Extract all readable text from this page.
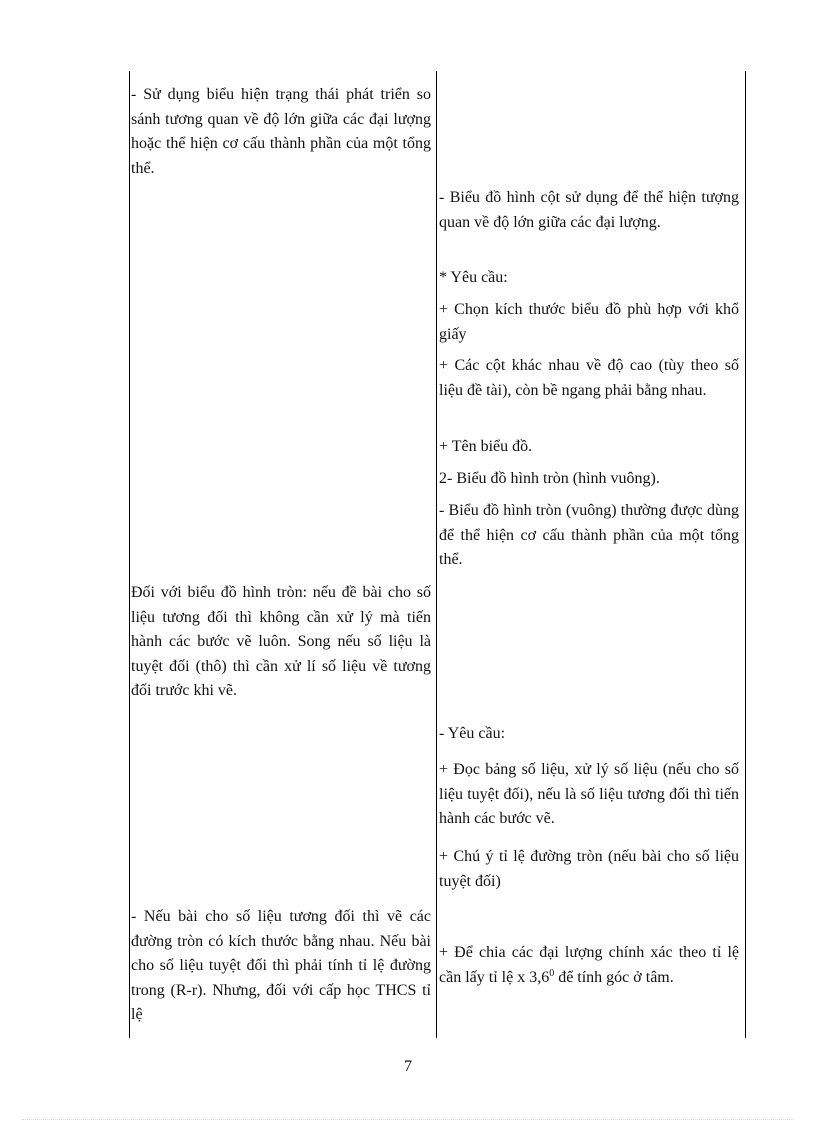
- Sử dụng biểu hiện trạng thái phát triển so sánh tương quan về độ lớn giữa các đại lượng hoặc thể hiện cơ cấu thành phần của một tổng thể.

Đối với biểu đồ hình tròn: nếu đề bài cho số liệu tương đối thì không cần xử lý mà tiến hành các bước vẽ luôn. Song nếu số liệu là tuyệt đối (thô) thì cần xử lí số liệu về tương đối trước khi vẽ.

- Nếu bài cho số liệu tương đối thì vẽ các đường tròn có kích thước bằng nhau. Nếu bài cho số liệu tuyệt đối thì phải tính tỉ lệ đường trong (R-r). Nhưng, đối với cấp học THCS tỉ lệ

- Biểu đồ hình cột sử dụng để thể hiện tượng quan về độ lớn giữa các đại lượng.

* Yêu cầu:

+ Chọn kích thước biểu đồ phù hợp với khổ giấy

+ Các cột khác nhau về độ cao (tùy theo số liệu đề tài), còn bề ngang phải bằng nhau.

+ Tên biểu đồ.

2- Biểu đồ hình tròn (hình vuông).

- Biểu đồ hình tròn (vuông) thường được dùng để thể hiện cơ cấu thành phần của một tổng thể.

- Yêu cầu:

+ Đọc bảng số liệu, xử lý số liệu (nếu cho số liệu tuyệt đối), nếu là số liệu tương đối thì tiến hành các bước vẽ.

+ Chú ý tỉ lệ đường tròn (nếu bài cho số liệu tuyệt đối)

+ Để chia các đại lượng chính xác theo tỉ lệ cần lấy tỉ lệ x $3,6^0$ để tính góc ở tâm.

7
